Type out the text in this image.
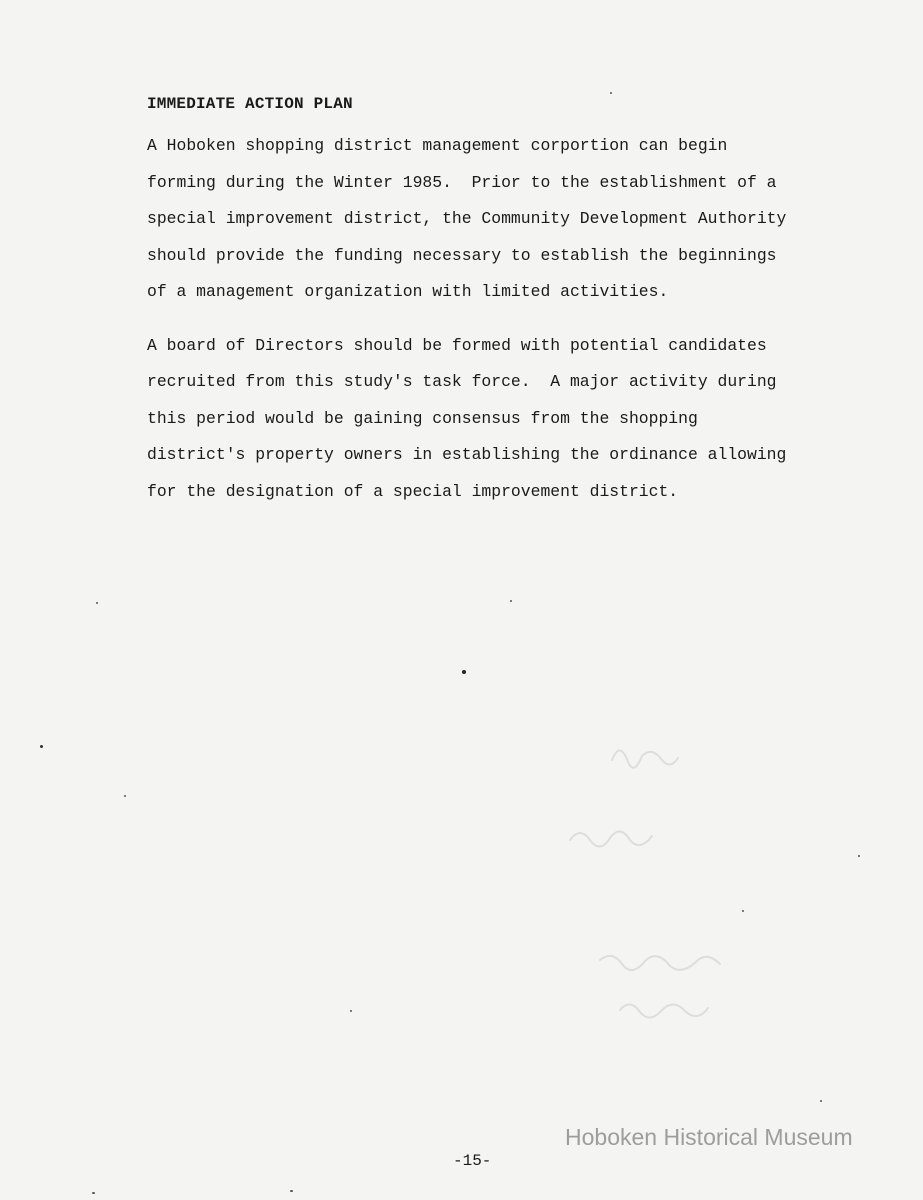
IMMEDIATE ACTION PLAN

A Hoboken shopping district management corportion can begin
forming during the Winter 1985.  Prior to the establishment of a
special improvement district, the Community Development Authority
should provide the funding necessary to establish the beginnings
of a management organization with limited activities.

A board of Directors should be formed with potential candidates
recruited from this study's task force.  A major activity during
this period would be gaining consensus from the shopping
district's property owners in establishing the ordinance allowing
for the designation of a special improvement district.

-15-
Hoboken Historical Museum
